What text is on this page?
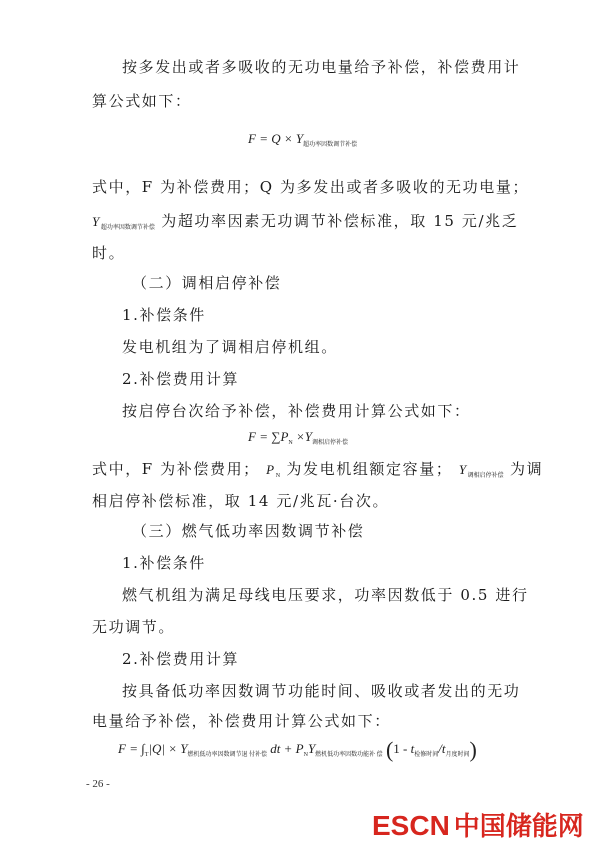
按多发出或者多吸收的无功电量给予补偿，补偿费用计
算公式如下：
$F = Q \times Y_{超功率因数调节补偿}$
式中，F 为补偿费用；Q 为多发出或者多吸收的无功电量；
$Y_{超功率因数调节补偿}$ 为超功率因素无功调节补偿标准，取 15 元/兆乏
时。
（二）调相启停补偿
1.补偿条件
发电机组为了调相启停机组。
2.补偿费用计算
按启停台次给予补偿，补偿费用计算公式如下：
$F = \sum P_N \times Y_{调相启停补偿}$
式中，F 为补偿费用； $P_N$ 为发电机组额定容量； $Y_{调相启停补偿}$ 为调
相启停补偿标准，取 14 元/兆瓦·台次。
（三）燃气低功率因数调节补偿
1.补偿条件
燃气机组为满足母线电压要求，功率因数低于 0.5 进行
无功调节。
2.补偿费用计算
按具备低功率因数调节功能时间、吸收或者发出的无功
电量给予补偿，补偿费用计算公式如下：
$F = \int_T|Q| \times Y_{燃机低功率因数调节退 付补偿}$ dt + $P_NY_{燃机低功率因数功能补 偿}$ $(1 - t_{检修时间}/t_{月度时间})$
- 26 -
ESCN 中国储能网
